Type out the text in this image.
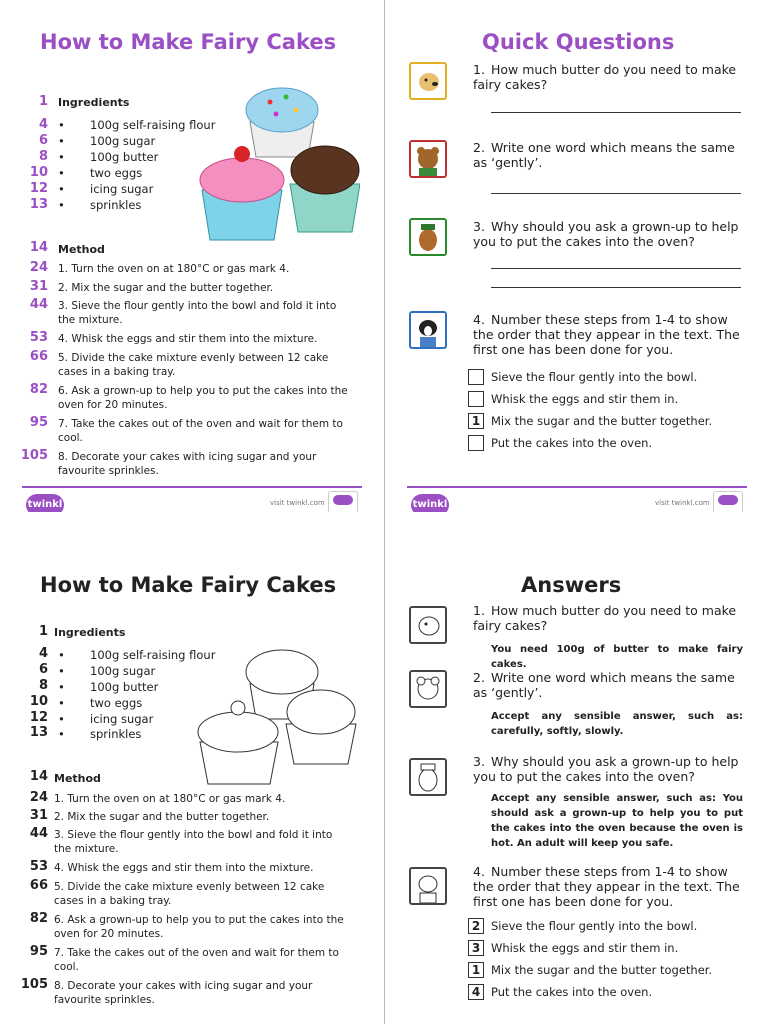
How to Make Fairy Cakes
1 Ingredients
4 • 100g self-raising flour
6 • 100g sugar
8 • 100g butter
10 • two eggs
12 • icing sugar
13 • sprinkles
14 Method
24 1. Turn the oven on at 180°C or gas mark 4.
31 2. Mix the sugar and the butter together.
44 3. Sieve the flour gently into the bowl and fold it into the mixture.
53 4. Whisk the eggs and stir them into the mixture.
66 5. Divide the cake mixture evenly between 12 cake cases in a baking tray.
82 6. Ask a grown-up to help you to put the cakes into the oven for 20 minutes.
95 7. Take the cakes out of the oven and wait for them to cool.
105 8. Decorate your cakes with icing sugar and your favourite sprinkles.
twinkl	visit twinkl.com
Quick Questions
1. How much butter do you need to make fairy cakes?
2. Write one word which means the same as ‘gently’.
3. Why should you ask a grown-up to help you to put the cakes into the oven?
4. Number these steps from 1-4 to show the order that they appear in the text. The first one has been done for you.
Sieve the flour gently into the bowl.
Whisk the eggs and stir them in.
1 Mix the sugar and the butter together.
Put the cakes into the oven.
twinkl	visit twinkl.com
How to Make Fairy Cakes
1 Ingredients
4 • 100g self-raising flour
6 • 100g sugar
8 • 100g butter
10 • two eggs
12 • icing sugar
13 • sprinkles
14 Method
24 1. Turn the oven on at 180°C or gas mark 4.
31 2. Mix the sugar and the butter together.
44 3. Sieve the flour gently into the bowl and fold it into the mixture.
53 4. Whisk the eggs and stir them into the mixture.
66 5. Divide the cake mixture evenly between 12 cake cases in a baking tray.
82 6. Ask a grown-up to help you to put the cakes into the oven for 20 minutes.
95 7. Take the cakes out of the oven and wait for them to cool.
105 8. Decorate your cakes with icing sugar and your favourite sprinkles.
Answers
1. How much butter do you need to make fairy cakes?
You need 100g of butter to make fairy cakes.
2. Write one word which means the same as ‘gently’.
Accept any sensible answer, such as: carefully, softly, slowly.
3. Why should you ask a grown-up to help you to put the cakes into the oven?
Accept any sensible answer, such as: You should ask a grown-up to help you to put the cakes into the oven because the oven is hot. An adult will keep you safe.
4. Number these steps from 1-4 to show the order that they appear in the text. The first one has been done for you.
2 Sieve the flour gently into the bowl.
3 Whisk the eggs and stir them in.
1 Mix the sugar and the butter together.
4 Put the cakes into the oven.
